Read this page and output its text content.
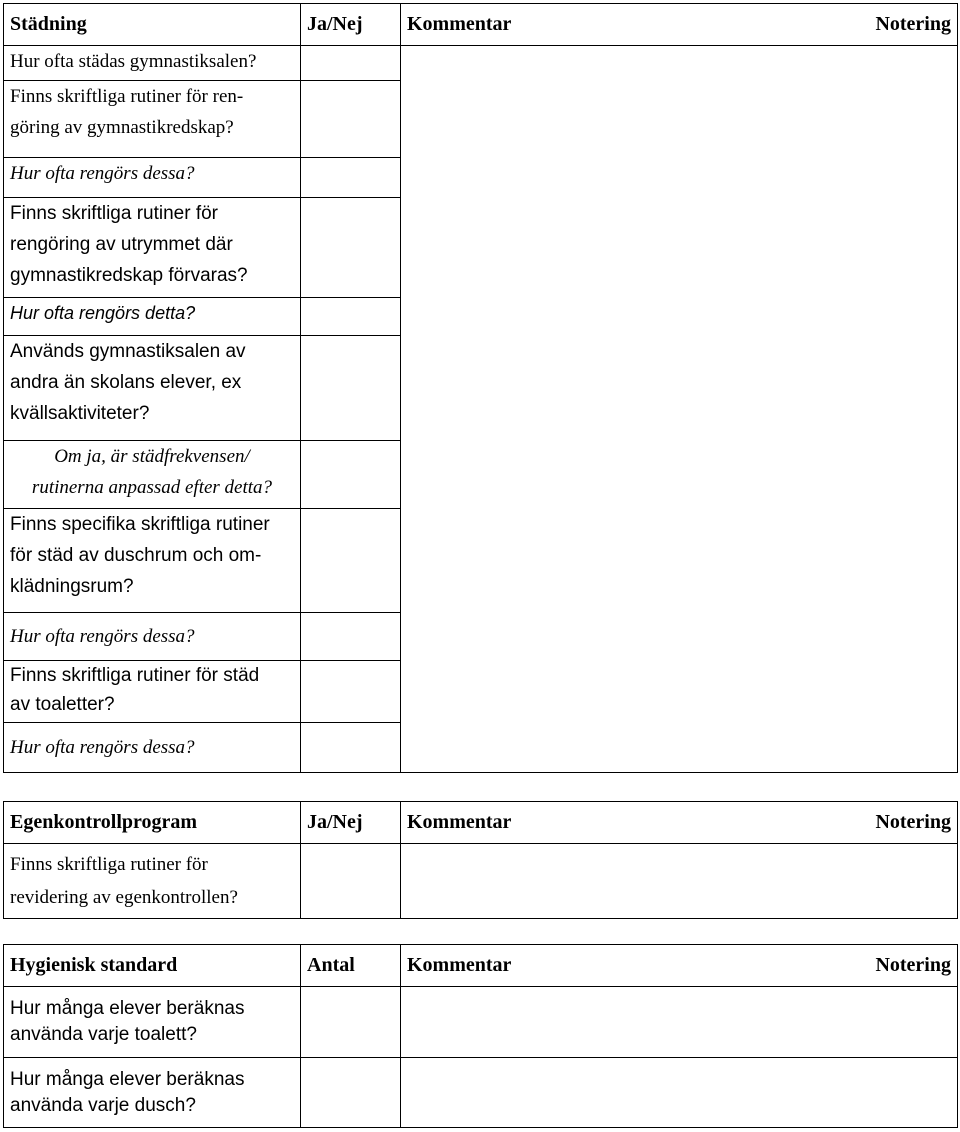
Städning	Ja/Nej	Kommentar Notering

Hur ofta städas gymnastiksalen?		

Finns skriftliga rutiner för ren-
göring av gymnastikredskap?		

Hur ofta rengörs dessa?		

Finns skriftliga rutiner för
rengöring av utrymmet där
gymnastikredskap förvaras?		

Hur ofta rengörs detta?		

Används gymnastiksalen av
andra än skolans elever, ex
kvällsaktiviteter?		

Om ja, är städfrekvensen/
rutinerna anpassad efter detta?		

Finns specifika skriftliga rutiner
för städ av duschrum och om-
klädningsrum?		

Hur ofta rengörs dessa?		

Finns skriftliga rutiner för städ
av toaletter?		

Hur ofta rengörs dessa?		

Egenkontrollprogram	Ja/Nej	Kommentar Notering

Finns skriftliga rutiner för
revidering av egenkontrollen?		

Hygienisk standard	Antal	Kommentar Notering

Hur många elever beräknas
använda varje toalett?		

Hur många elever beräknas
använda varje dusch?		
